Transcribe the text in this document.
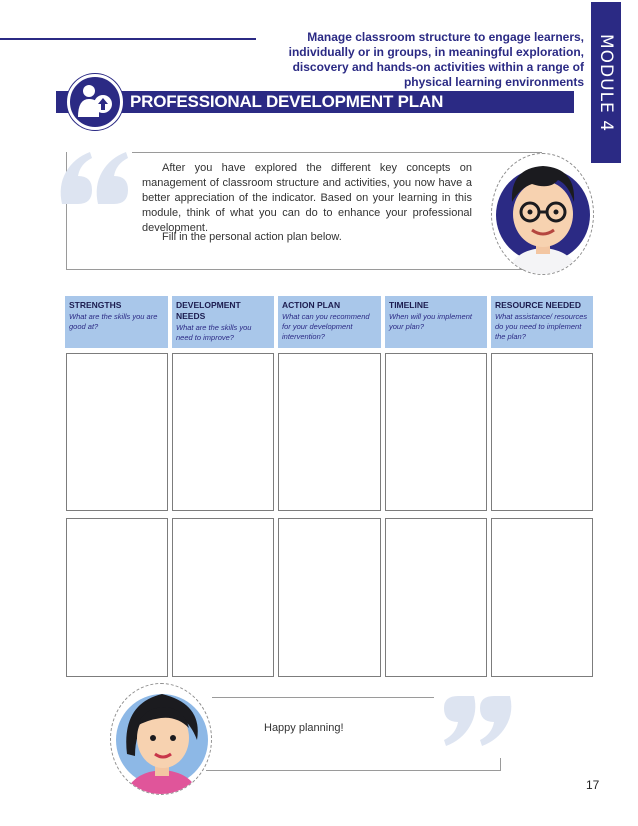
Manage classroom structure to engage learners, individually or in groups, in meaningful exploration, discovery and hands-on activities within a range of physical learning environments MODULE 4
PROFESSIONAL DEVELOPMENT PLAN

After you have explored the different key concepts on management of classroom structure and activities, you now have a better appreciation of the indicator. Based on your learning in this module, think of what you can do to enhance your professional development.

Fill in the personal action plan below.
STRENGTHS
What are the skills you are good at?
DEVELOPMENT NEEDS
What are the skills you need to improve?
ACTION PLAN
What can you recommend for your development intervention?
TIMELINE
When will you implement your plan?
RESOURCE NEEDED
What assistance/ resources do you need to implement the plan?
Happy planning!
17
